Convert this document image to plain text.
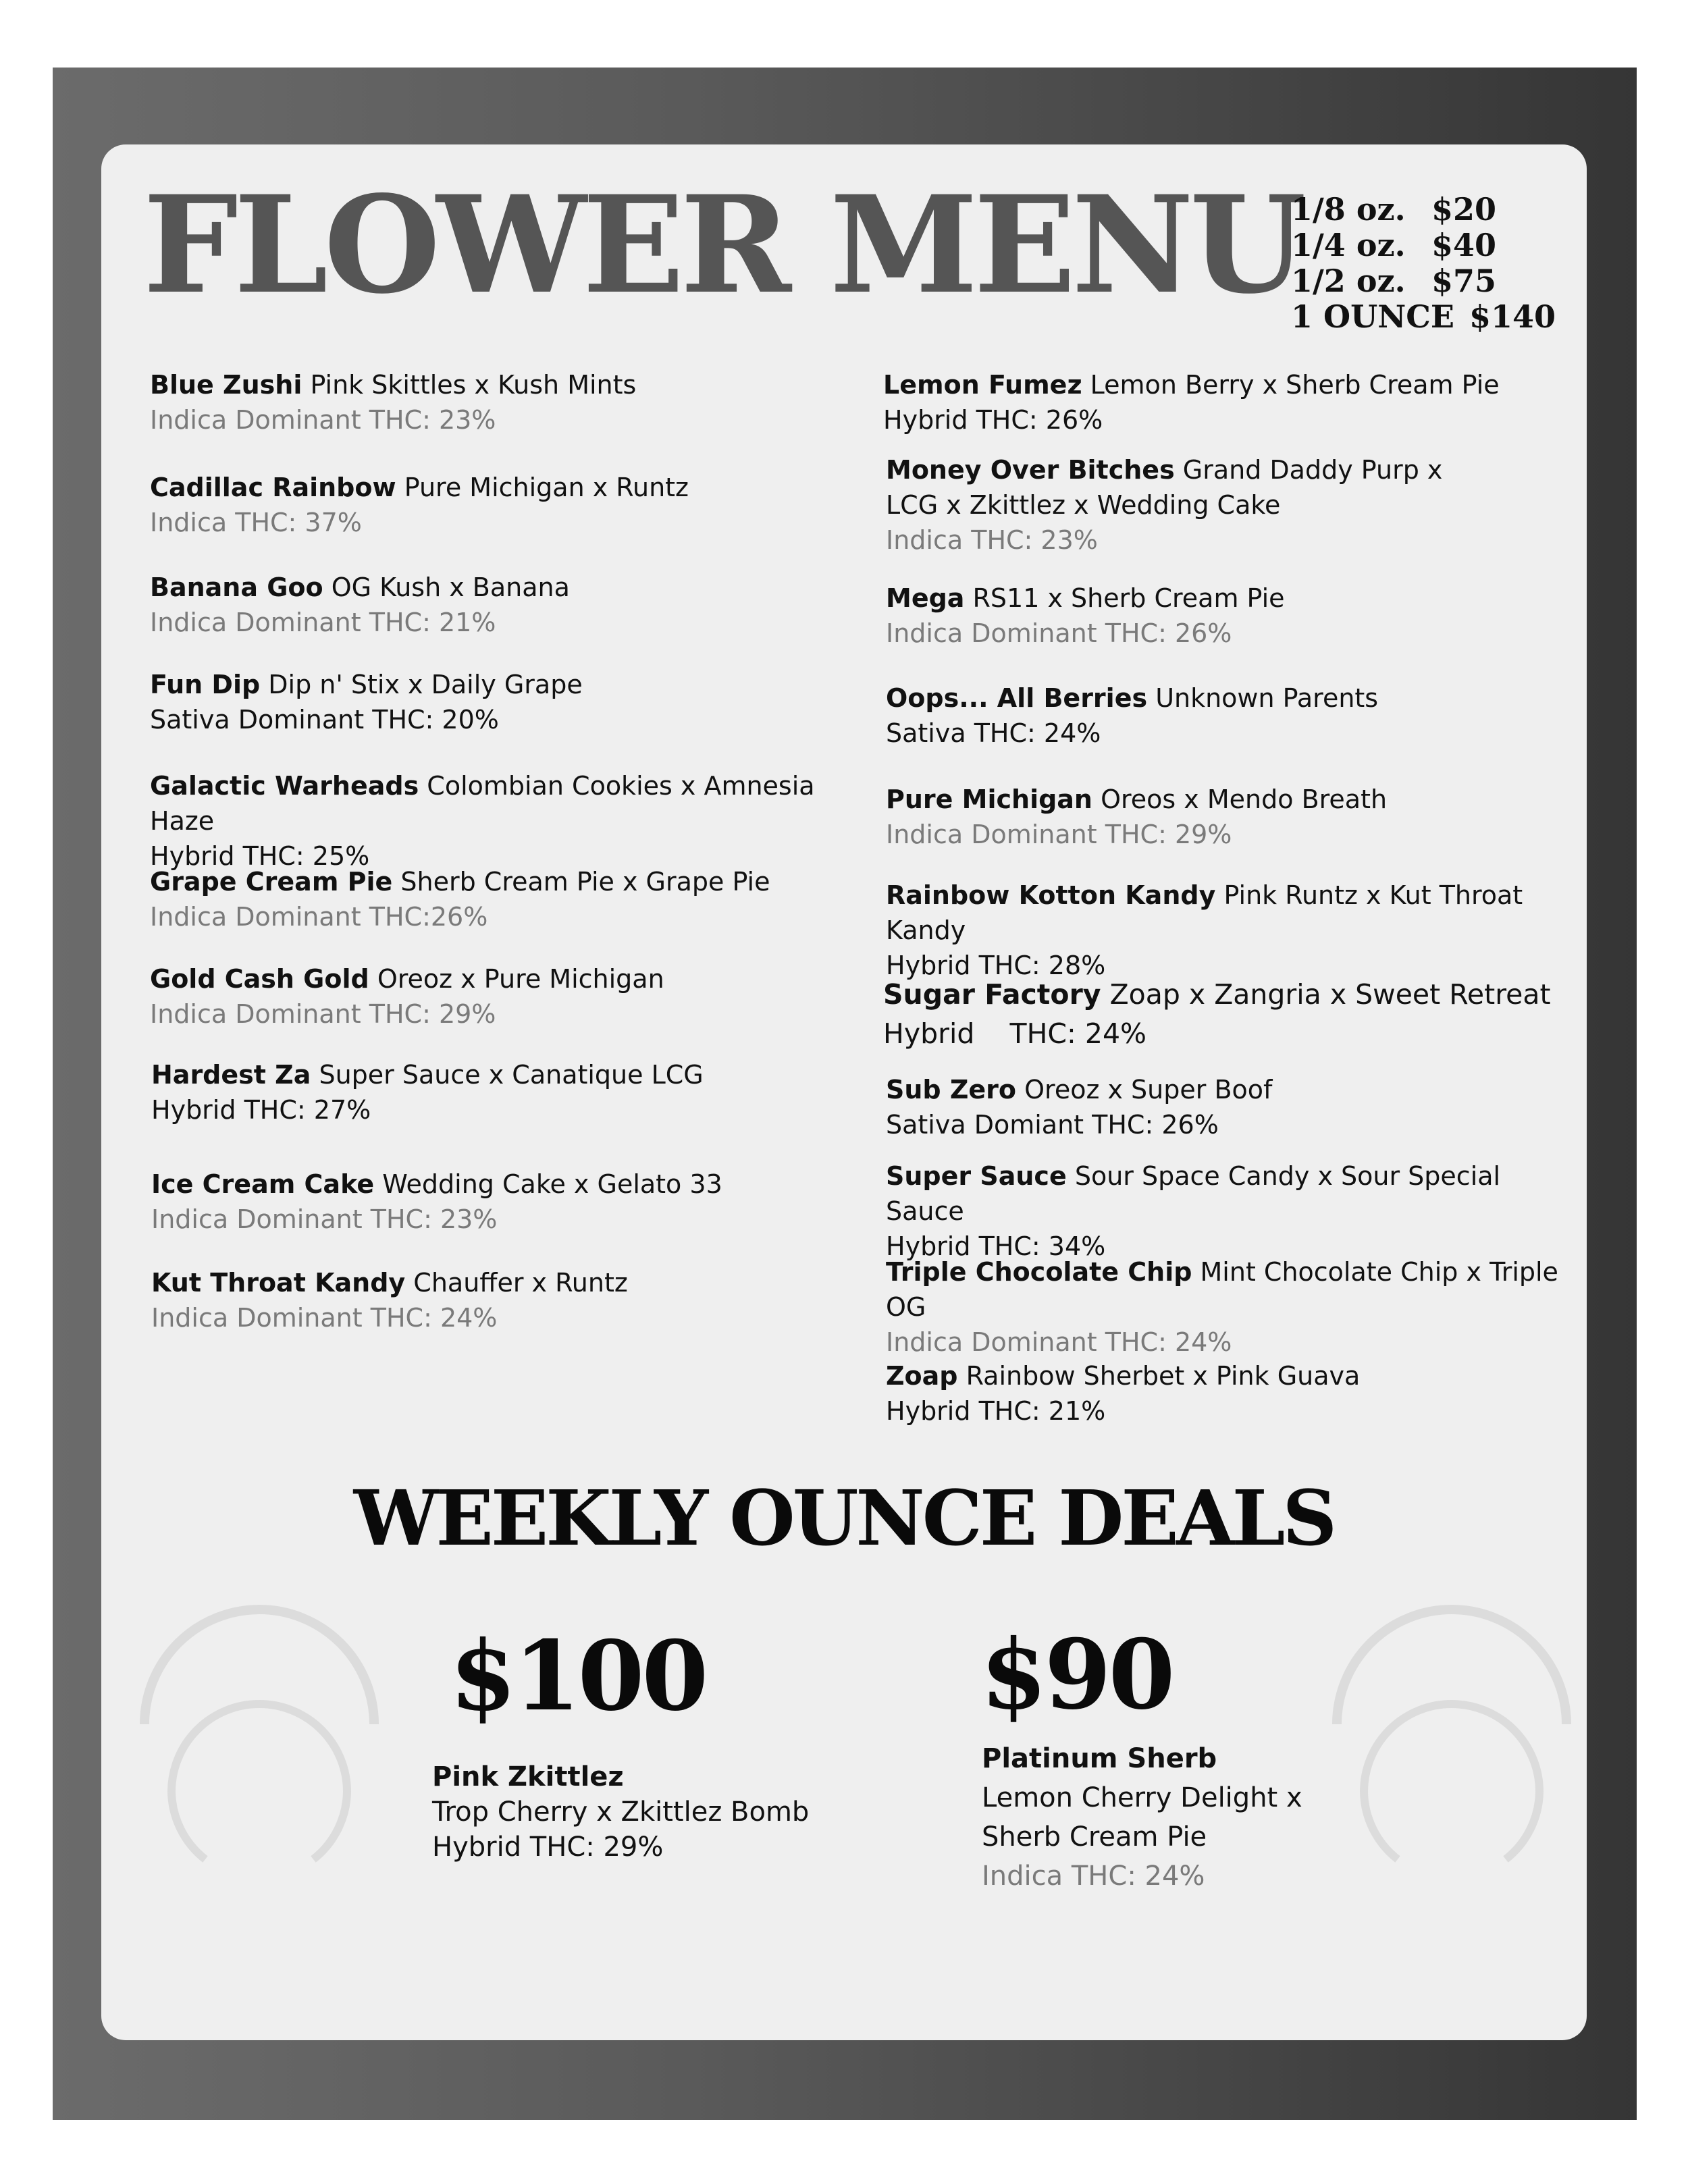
FLOWER MENU
1/8 oz. $20
1/4 oz. $40
1/2 oz. $75
1 OUNCE $140
Blue Zushi Pink Skittles x Kush Mints
Indica Dominant THC: 23%
Cadillac Rainbow Pure Michigan x Runtz
Indica THC: 37%
Banana Goo OG Kush x Banana
Indica Dominant THC: 21%
Fun Dip Dip n' Stix x Daily Grape
Sativa Dominant THC: 20%
Galactic Warheads Colombian Cookies x Amnesia Haze
Hybrid THC: 25%
Grape Cream Pie Sherb Cream Pie x Grape Pie
Indica Dominant THC:26%
Gold Cash Gold Oreoz x Pure Michigan
Indica Dominant THC: 29%
Hardest Za Super Sauce x Canatique LCG
Hybrid THC: 27%
Ice Cream Cake Wedding Cake x Gelato 33
Indica Dominant THC: 23%
Kut Throat Kandy Chauffer x Runtz
Indica Dominant THC: 24%
Lemon Fumez Lemon Berry x Sherb Cream Pie
Hybrid THC: 26%
Money Over Bitches Grand Daddy Purp x LCG x Zkittlez x Wedding Cake
Indica THC: 23%
Mega RS11 x Sherb Cream Pie
Indica Dominant THC: 26%
Oops... All Berries Unknown Parents
Sativa THC: 24%
Pure Michigan Oreos x Mendo Breath
Indica Dominant THC: 29%
Rainbow Kotton Kandy Pink Runtz x Kut Throat Kandy
Hybrid THC: 28%
Sugar Factory Zoap x Zangria x Sweet Retreat
Hybrid    THC: 24%
Sub Zero Oreoz x Super Boof
Sativa Domiant THC: 26%
Super Sauce Sour Space Candy x Sour Special Sauce
Hybrid THC: 34%
Triple Chocolate Chip Mint Chocolate Chip x Triple OG
Indica Dominant THC: 24%
Zoap Rainbow Sherbet x Pink Guava
Hybrid THC: 21%
WEEKLY OUNCE DEALS
$100
Pink Zkittlez
Trop Cherry x Zkittlez Bomb
Hybrid THC: 29%
$90
Platinum Sherb
Lemon Cherry Delight x
Sherb Cream Pie
Indica THC: 24%
